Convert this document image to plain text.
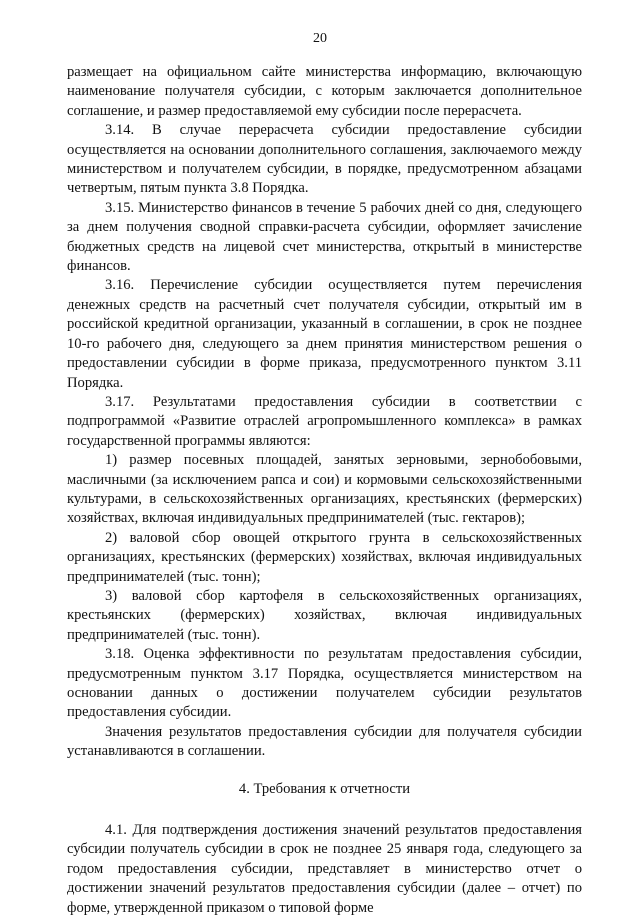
20

размещает на официальном сайте министерства информацию, включающую наименование получателя субсидии, с которым заключается дополнительное соглашение, и размер предоставляемой ему субсидии после перерасчета.

3.14. В случае перерасчета субсидии предоставление субсидии осуществляется на основании дополнительного соглашения, заключаемого между министерством и получателем субсидии, в порядке, предусмотренном абзацами четвертым, пятым пункта 3.8 Порядка.

3.15. Министерство финансов в течение 5 рабочих дней со дня, следующего за днем получения сводной справки-расчета субсидии, оформляет зачисление бюджетных средств на лицевой счет министерства, открытый в министерстве финансов.

3.16. Перечисление субсидии осуществляется путем перечисления денежных средств на расчетный счет получателя субсидии, открытый им в российской кредитной организации, указанный в соглашении, в срок не позднее 10-го рабочего дня, следующего за днем принятия министерством решения о предоставлении субсидии в форме приказа, предусмотренного пунктом 3.11 Порядка.

3.17. Результатами предоставления субсидии в соответствии с подпрограммой «Развитие отраслей агропромышленного комплекса» в рамках государственной программы являются:

1) размер посевных площадей, занятых зерновыми, зернобобовыми, масличными (за исключением рапса и сои) и кормовыми сельскохозяйственными культурами, в сельскохозяйственных организациях, крестьянских (фермерских) хозяйствах, включая индивидуальных предпринимателей (тыс. гектаров);

2) валовой сбор овощей открытого грунта в сельскохозяйственных организациях, крестьянских (фермерских) хозяйствах, включая индивидуальных предпринимателей (тыс. тонн);

3) валовой сбор картофеля в сельскохозяйственных организациях, крестьянских (фермерских) хозяйствах, включая индивидуальных предпринимателей (тыс. тонн).

3.18. Оценка эффективности по результатам предоставления субсидии, предусмотренным пунктом 3.17 Порядка, осуществляется министерством на основании данных о достижении получателем субсидии результатов предоставления субсидии.

Значения результатов предоставления субсидии для получателя субсидии устанавливаются в соглашении.

4. Требования к отчетности

4.1. Для подтверждения достижения значений результатов предоставления субсидии получатель субсидии в срок не позднее 25 января года, следующего за годом предоставления субсидии, представляет в министерство отчет о достижении значений результатов предоставления субсидии (далее – отчет) по форме, утвержденной приказом о типовой форме
